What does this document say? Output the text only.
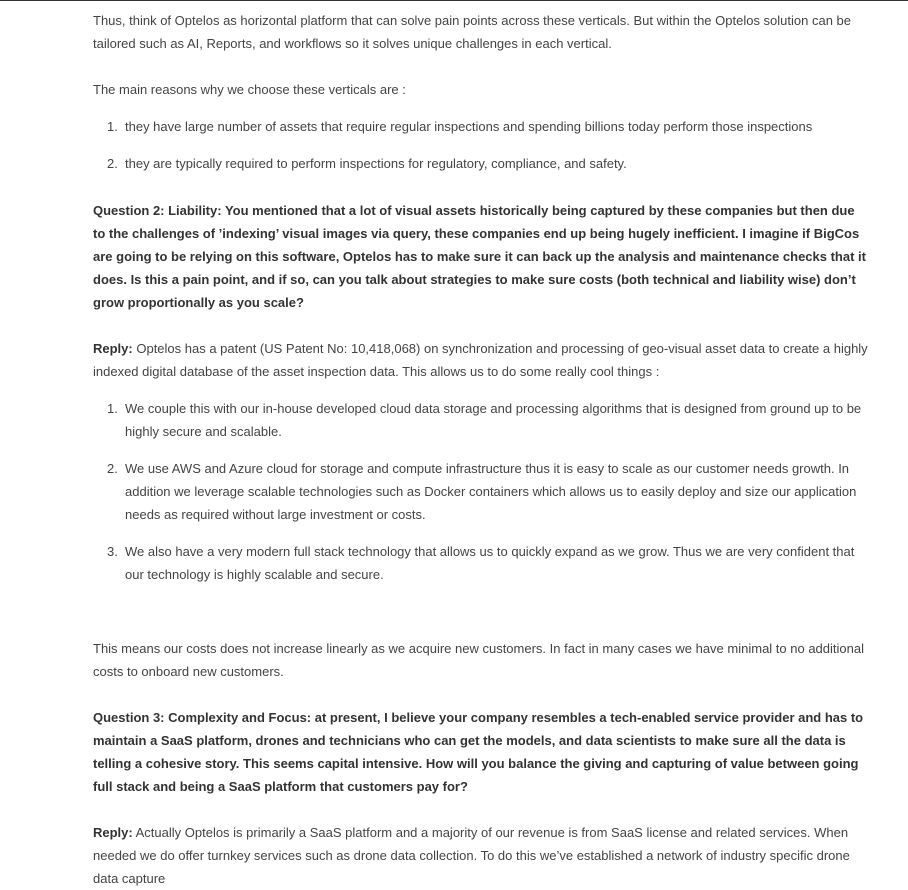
Thus, think of Optelos as horizontal platform that can solve pain points across these verticals. But within the Optelos solution can be tailored such as AI, Reports, and workflows so it solves unique challenges in each vertical.

The main reasons why we choose these verticals are :

1. they have large number of assets that require regular inspections and spending billions today perform those inspections
2. they are typically required to perform inspections for regulatory, compliance, and safety.

Question 2: Liability: You mentioned that a lot of visual assets historically being captured by these companies but then due to the challenges of ’indexing’ visual images via query, these companies end up being hugely inefficient. I imagine if BigCos are going to be relying on this software, Optelos has to make sure it can back up the analysis and maintenance checks that it does. Is this a pain point, and if so, can you talk about strategies to make sure costs (both technical and liability wise) don’t grow proportionally as you scale?

Reply: Optelos has a patent (US Patent No: 10,418,068) on synchronization and processing of geo-visual asset data to create a highly indexed digital database of the asset inspection data. This allows us to do some really cool things :

1. We couple this with our in-house developed cloud data storage and processing algorithms that is designed from ground up to be highly secure and scalable.
2. We use AWS and Azure cloud for storage and compute infrastructure thus it is easy to scale as our customer needs growth. In addition we leverage scalable technologies such as Docker containers which allows us to easily deploy and size our application needs as required without large investment or costs.
3. We also have a very modern full stack technology that allows us to quickly expand as we grow. Thus we are very confident that our technology is highly scalable and secure.

This means our costs does not increase linearly as we acquire new customers. In fact in many cases we have minimal to no additional costs to onboard new customers.

Question 3: Complexity and Focus: at present, I believe your company resembles a tech-enabled service provider and has to maintain a SaaS platform, drones and technicians who can get the models, and data scientists to make sure all the data is telling a cohesive story. This seems capital intensive. How will you balance the giving and capturing of value between going full stack and being a SaaS platform that customers pay for?

Reply: Actually Optelos is primarily a SaaS platform and a majority of our revenue is from SaaS license and related services. When needed we do offer turnkey services such as drone data collection. To do this we’ve established a network of industry specific drone data capture
